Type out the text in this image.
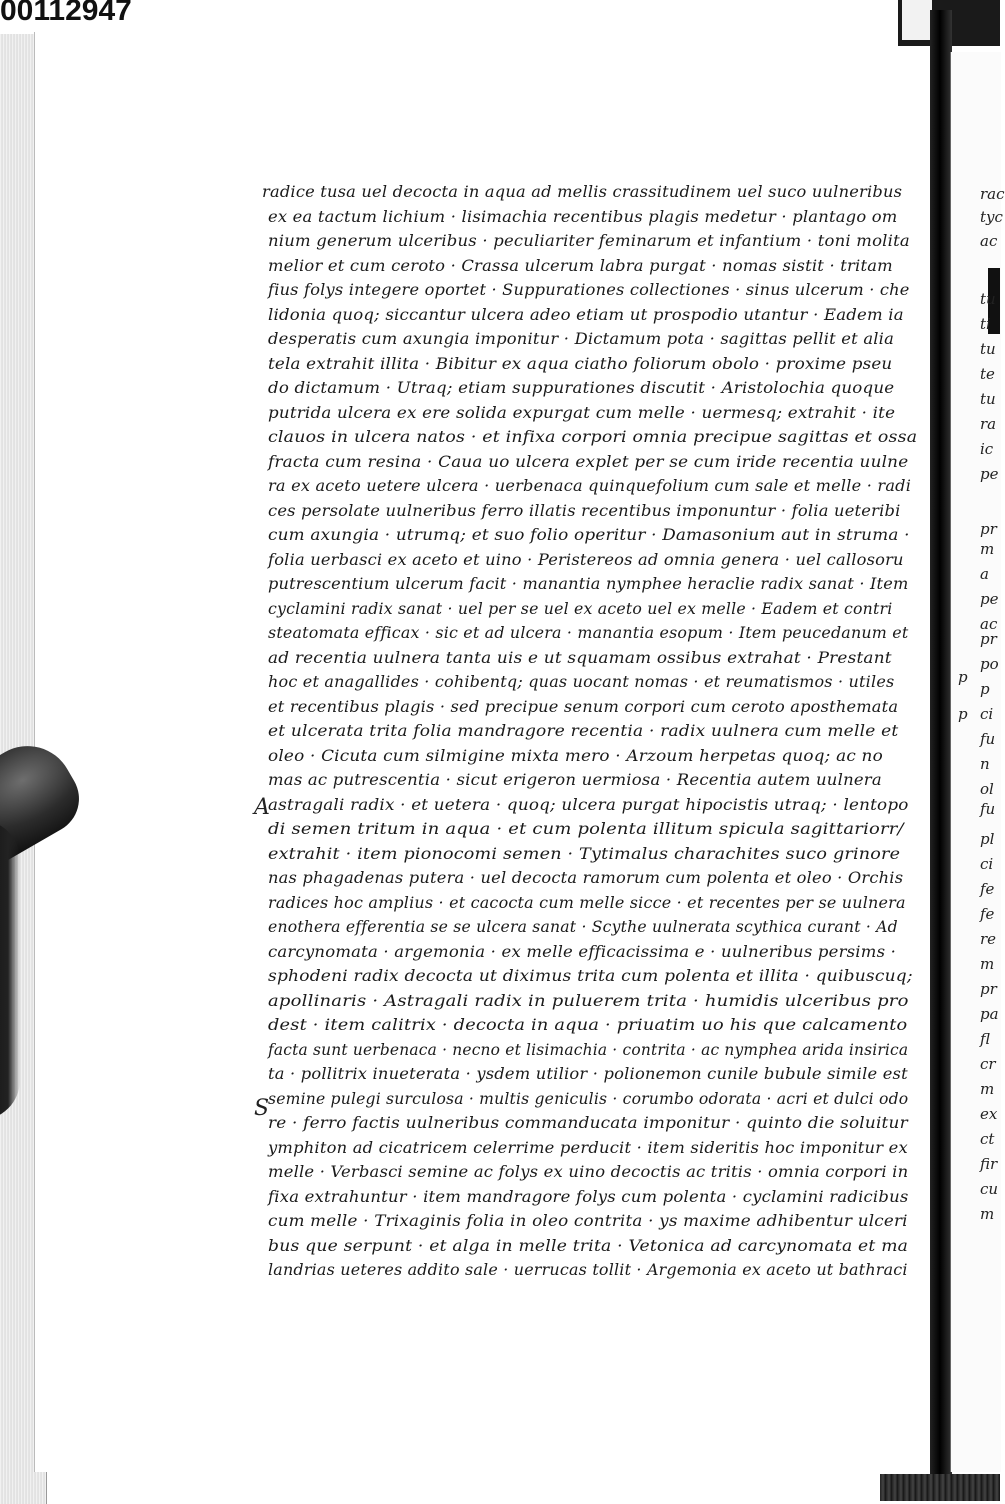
00112947
radice tusa uel decocta in aqua ad mellis crassitudinem uel suco uulneribus
ex ea tactum lichium · lisimachia recentibus plagis medetur · plantago om
nium generum ulceribus · peculiariter feminarum et infantium · toni molita
melior et cum ceroto · Crassa ulcerum labra purgat · nomas sistit · tritam
fius folys integere oportet · Suppurationes collectiones · sinus ulcerum · che
lidonia quoq; siccantur ulcera adeo etiam ut prospodio utantur · Eadem ia
desperatis cum axungia imponitur · Dictamum pota · sagittas pellit et alia
tela extrahit illita · Bibitur ex aqua ciatho foliorum obolo · proxime pseu
do dictamum · Utraq; etiam suppurationes discutit · Aristolochia quoque
putrida ulcera ex ere solida expurgat cum melle · uermesq; extrahit · ite
clauos in ulcera natos · et infixa corpori omnia precipue sagittas et ossa
fracta cum resina · Caua uo ulcera explet per se cum iride recentia uulne
ra ex aceto uetere ulcera · uerbenaca quinquefolium cum sale et melle · radi
ces persolate uulneribus ferro illatis recentibus imponuntur · folia ueteribi
cum axungia · utrumq; et suo folio operitur · Damasonium aut in struma ·
folia uerbasci ex aceto et uino · Peristereos ad omnia genera · uel callosoru
putrescentium ulcerum facit · manantia nymphee heraclie radix sanat · Item
cyclamini radix sanat · uel per se uel ex aceto uel ex melle · Eadem et contri
steatomata efficax · sic et ad ulcera · manantia esopum · Item peucedanum et
ad recentia uulnera tanta uis e ut squamam ossibus extrahat · Prestant
hoc et anagallides · cohibentq; quas uocant nomas · et reumatismos · utiles
et recentibus plagis · sed precipue senum corpori cum ceroto aposthemata
et ulcerata trita folia mandragore recentia · radix uulnera cum melle et
oleo · Cicuta cum silmigine mixta mero · Arzoum herpetas quoq; ac no
mas ac putrescentia · sicut erigeron uermiosa · Recentia autem uulnera
astragali radix · et uetera · quoq; ulcera purgat hipocistis utraq; · lentopo
di semen tritum in aqua · et cum polenta illitum spicula sagittariorr/
extrahit · item pionocomi semen · Tytimalus charachites suco grinore
nas phagadenas putera · uel decocta ramorum cum polenta et oleo · Orchis
radices hoc amplius · et cacocta cum melle sicce · et recentes per se uulnera
enothera efferentia se se ulcera sanat · Scythe uulnerata scythica curant · Ad
carcynomata · argemonia · ex melle efficacissima e · uulneribus persims ·
sphodeni radix decocta ut diximus trita cum polenta et illita · quibuscuq;
apollinaris · Astragali radix in puluerem trita · humidis ulceribus pro
dest · item calitrix · decocta in aqua · priuatim uo his que calcamento
facta sunt uerbenaca · necno et lisimachia · contrita · ac nymphea arida insirica
ta · pollitrix inueterata · ysdem utilior · polionemon cunile bubule simile est
semine pulegi surculosa · multis geniculis · corumbo odorata · acri et dulci odo
re · ferro factis uulneribus commanducata imponitur · quinto die soluitur
ymphiton ad cicatricem celerrime perducit · item sideritis hoc imponitur ex
melle · Verbasci semine ac folys ex uino decoctis ac tritis · omnia corpori in
fixa extrahuntur · item mandragore folys cum polenta · cyclamini radicibus
cum melle · Trixaginis folia in oleo contrita · ys maxime adhibentur ulceri
bus que serpunt · et alga in melle trita · Vetonica ad carcynomata et ma
landrias ueteres addito sale · uerrucas tollit · Argemonia ex aceto ut bathraci
A
S
rac
tyc
ac
tu
ti
tu
te
tu
ra
ic
pe
pr
m
a
pe
ac
pr
po
p
ci
fu
n
ol
fu
pl
ci
fe
fe
re
m
pr
pa
fl
cr
m
ex
ct
fir
cu
m
p
p
